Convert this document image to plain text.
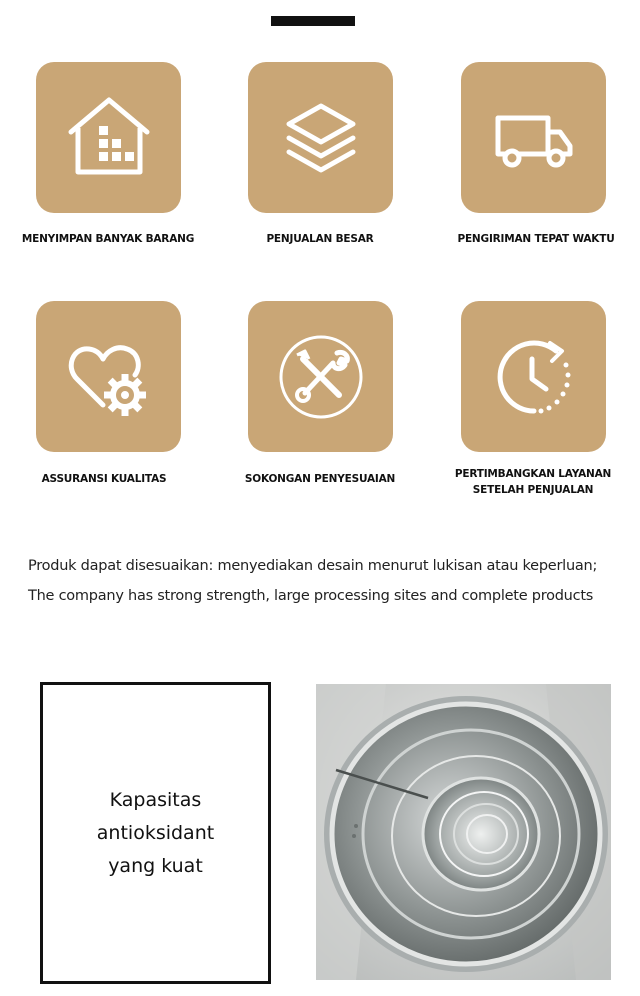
MENYIMPAN BANYAK BARANG	PENJUALAN BESAR	PENGIRIMAN TEPAT WAKTU
ASSURANSI KUALITAS	SOKONGAN PENYESUAIAN	PERTIMBANGKAN LAYANAN SETELAH PENJUALAN
Produk dapat disesuaikan: menyediakan desain menurut lukisan atau keperluan;
The company has strong strength, large processing sites and complete products
Kapasitas
antioksidant
yang kuat
